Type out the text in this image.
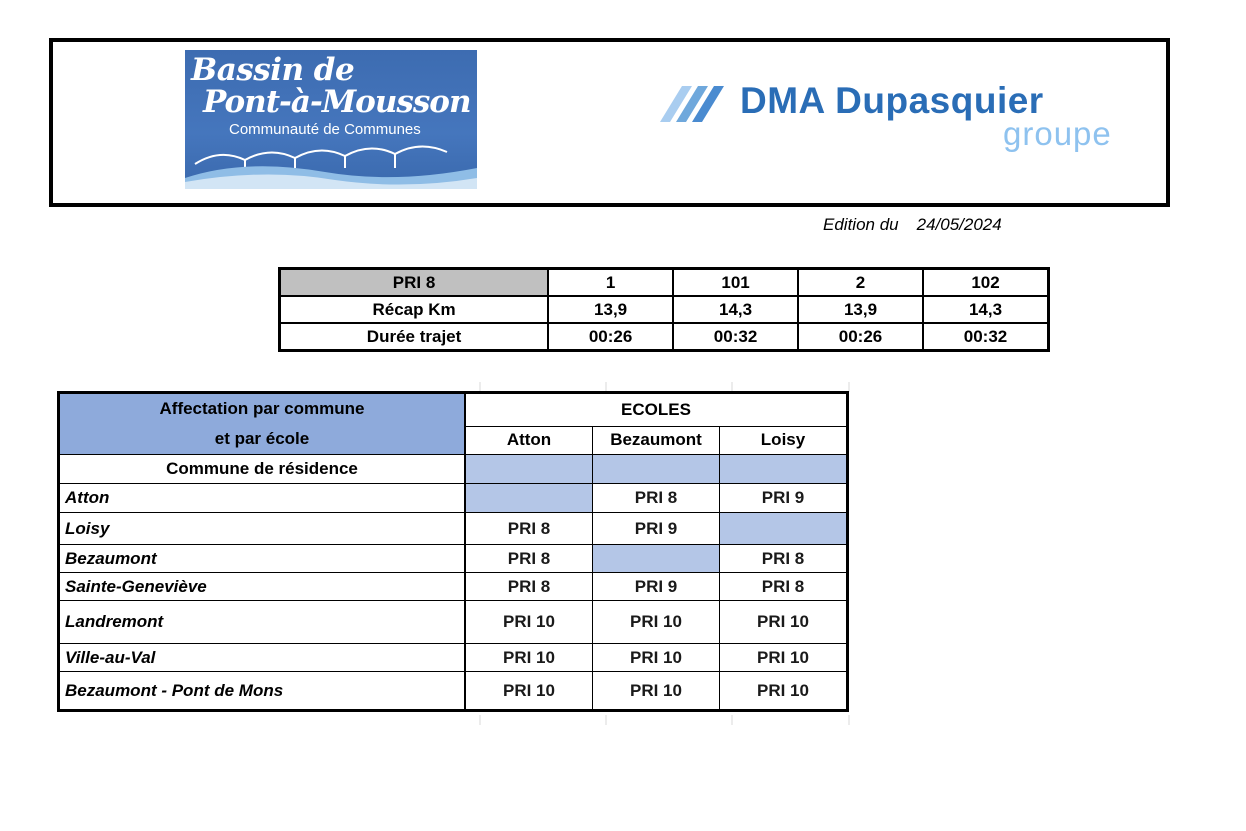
Bassin de
Pont-à-Mousson
Communauté de Communes
DMA Dupasquier
groupe
Edition du 24/05/2024
PRI 8	1	101	2	102
Récap Km	13,9	14,3	13,9	14,3
Durée trajet	00:26	00:32	00:26	00:32
Affectation par commune
et par école	ECOLES		
	Atton	Bezaumont	Loisy
Commune de résidence			
Atton		PRI 8	PRI 9
Loisy	PRI 8	PRI 9	
Bezaumont	PRI 8		PRI 8
Sainte-Geneviève	PRI 8	PRI 9	PRI 8
Landremont	PRI 10	PRI 10	PRI 10
Ville-au-Val	PRI 10	PRI 10	PRI 10
Bezaumont - Pont de Mons	PRI 10	PRI 10	PRI 10
